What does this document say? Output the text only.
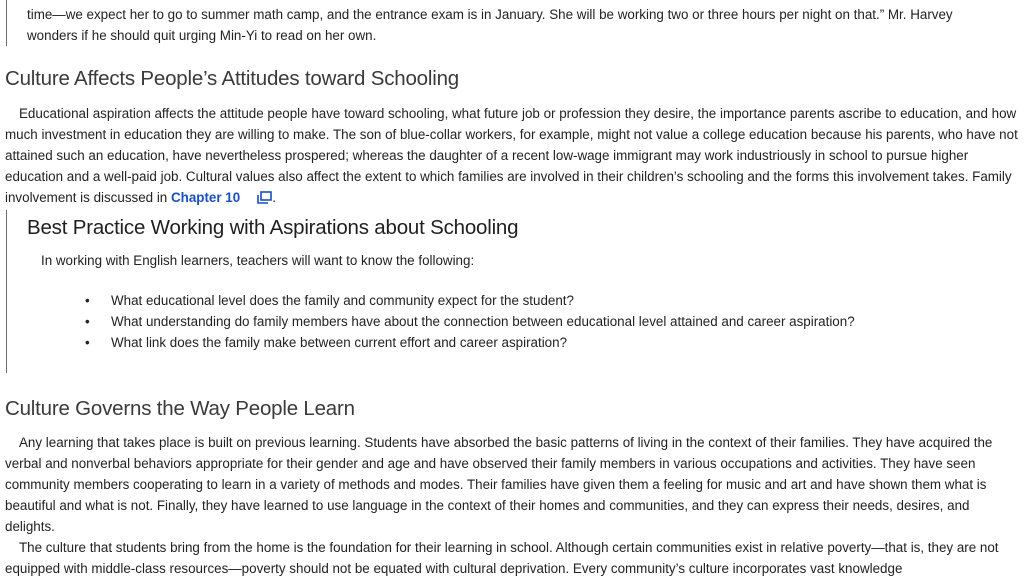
time—we expect her to go to summer math camp, and the entrance exam is in January. She will be working two or three hours per night on that.” Mr. Harvey
wonders if he should quit urging Min-Yi to read on her own.

Culture Affects People’s Attitudes toward Schooling

Educational aspiration affects the attitude people have toward schooling, what future job or profession they desire, the importance parents ascribe to education, and how much investment in education they are willing to make. The son of blue-collar workers, for example, might not value a college education because his parents, who have not attained such an education, have nevertheless prospered; whereas the daughter of a recent low-wage immigrant may work industriously in school to pursue higher education and a well-paid job. Cultural values also affect the extent to which families are involved in their children’s schooling and the forms this involvement takes. Family involvement is discussed in Chapter 10 .

Best Practice Working with Aspirations about Schooling

In working with English learners, teachers will want to know the following:

• What educational level does the family and community expect for the student?
• What understanding do family members have about the connection between educational level attained and career aspiration?
• What link does the family make between current effort and career aspiration?
Culture Governs the Way People Learn

Any learning that takes place is built on previous learning. Students have absorbed the basic patterns of living in the context of their families. They have acquired the verbal and nonverbal behaviors appropriate for their gender and age and have observed their family members in various occupations and activities. They have seen community members cooperating to learn in a variety of methods and modes. Their families have given them a feeling for music and art and have shown them what is beautiful and what is not. Finally, they have learned to use language in the context of their homes and communities, and they can express their needs, desires, and delights.

The culture that students bring from the home is the foundation for their learning in school. Although certain communities exist in relative poverty—that is, they are not equipped with middle-class resources—poverty should not be equated with cultural deprivation. Every community’s culture incorporates vast knowledge
